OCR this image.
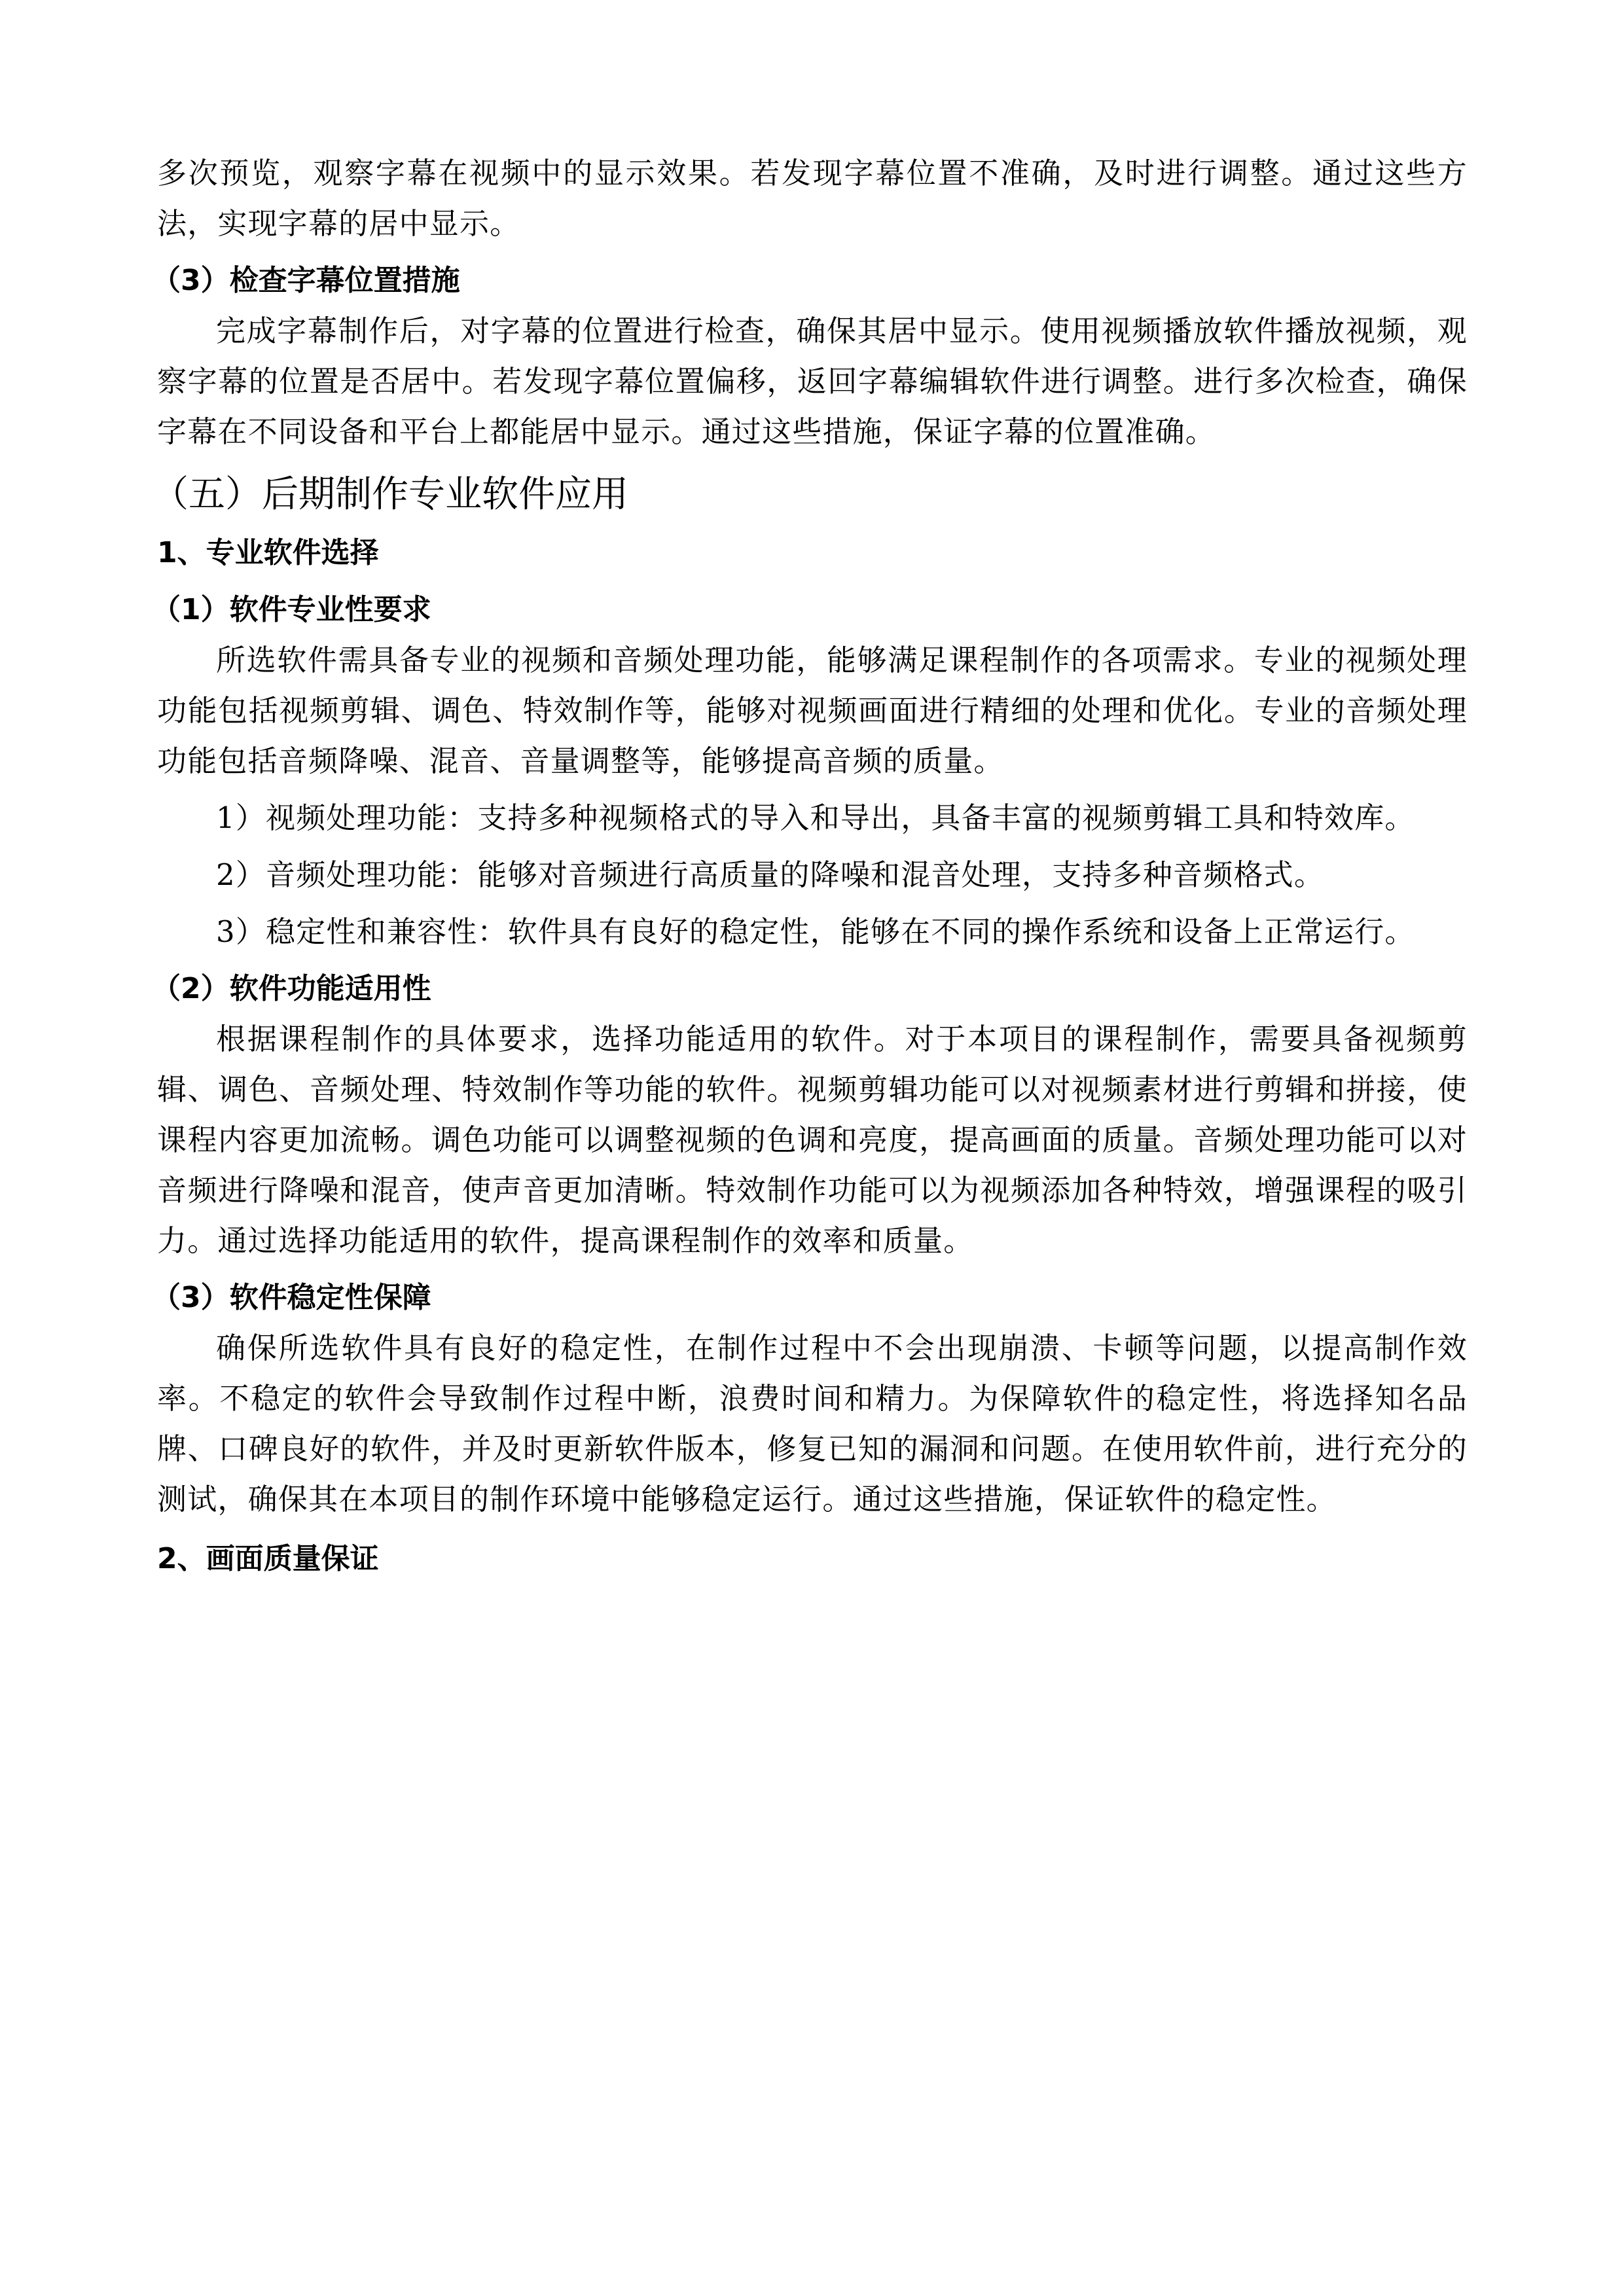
多次预览，观察字幕在视频中的显示效果。若发现字幕位置不准确，及时进行调整。通过这些方法，实现字幕的居中显示。

（3）检查字幕位置措施

完成字幕制作后，对字幕的位置进行检查，确保其居中显示。使用视频播放软件播放视频，观察字幕的位置是否居中。若发现字幕位置偏移，返回字幕编辑软件进行调整。进行多次检查，确保字幕在不同设备和平台上都能居中显示。通过这些措施，保证字幕的位置准确。

（五）后期制作专业软件应用
1、专业软件选择
（1）软件专业性要求

所选软件需具备专业的视频和音频处理功能，能够满足课程制作的各项需求。专业的视频处理功能包括视频剪辑、调色、特效制作等，能够对视频画面进行精细的处理和优化。专业的音频处理功能包括音频降噪、混音、音量调整等，能够提高音频的质量。

1）视频处理功能：支持多种视频格式的导入和导出，具备丰富的视频剪辑工具和特效库。

2）音频处理功能：能够对音频进行高质量的降噪和混音处理，支持多种音频格式。

3）稳定性和兼容性：软件具有良好的稳定性，能够在不同的操作系统和设备上正常运行。

（2）软件功能适用性

根据课程制作的具体要求，选择功能适用的软件。对于本项目的课程制作，需要具备视频剪辑、调色、音频处理、特效制作等功能的软件。视频剪辑功能可以对视频素材进行剪辑和拼接，使课程内容更加流畅。调色功能可以调整视频的色调和亮度，提高画面的质量。音频处理功能可以对音频进行降噪和混音，使声音更加清晰。特效制作功能可以为视频添加各种特效，增强课程的吸引力。通过选择功能适用的软件，提高课程制作的效率和质量。

（3）软件稳定性保障

确保所选软件具有良好的稳定性，在制作过程中不会出现崩溃、卡顿等问题，以提高制作效率。不稳定的软件会导致制作过程中断，浪费时间和精力。为保障软件的稳定性，将选择知名品牌、口碑良好的软件，并及时更新软件版本，修复已知的漏洞和问题。在使用软件前，进行充分的测试，确保其在本项目的制作环境中能够稳定运行。通过这些措施，保证软件的稳定性。

2、画面质量保证
